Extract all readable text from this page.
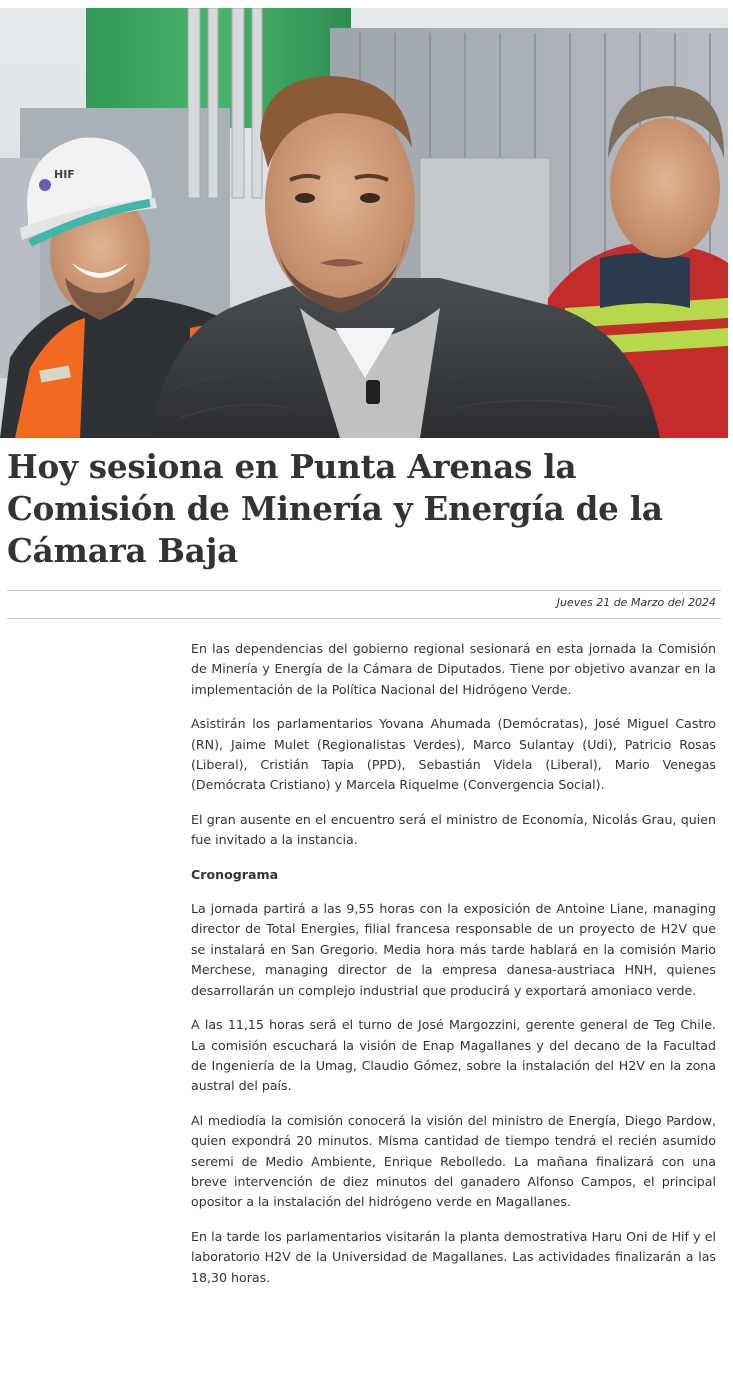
HIF
Hoy sesiona en Punta Arenas la Comisión de Minería y Energía de la Cámara Baja
Jueves 21 de Marzo del 2024

En las dependencias del gobierno regional sesionará en esta jornada la Comisión de Minería y Energía de la Cámara de Diputados. Tiene por objetivo avanzar en la implementación de la Política Nacional del Hidrógeno Verde.

Asistirán los parlamentarios Yovana Ahumada (Demócratas), José Miguel Castro (RN), Jaime Mulet (Regionalistas Verdes), Marco Sulantay (Udi), Patricio Rosas (Liberal), Cristián Tapia (PPD), Sebastián Videla (Liberal), Mario Venegas (Demócrata Cristiano) y Marcela Riquelme (Convergencia Social).

El gran ausente en el encuentro será el ministro de Economía, Nicolás Grau, quien fue invitado a la instancia.

Cronograma

La jornada partirá a las 9,55 horas con la exposición de Antoine Liane, managing director de Total Energies, filial francesa responsable de un proyecto de H2V que se instalará en San Gregorio. Media hora más tarde hablará en la comisión Mario Merchese, managing director de la empresa danesa-austriaca HNH, quienes desarrollarán un complejo industrial que producirá y exportará amoniaco verde.

A las 11,15 horas será el turno de José Margozzini, gerente general de Teg Chile. La comisión escuchará la visión de Enap Magallanes y del decano de la Facultad de Ingeniería de la Umag, Claudio Gómez, sobre la instalación del H2V en la zona austral del país.

Al mediodía la comisión conocerá la visión del ministro de Energía, Diego Pardow, quien expondrá 20 minutos. Misma cantidad de tiempo tendrá el recién asumido seremi de Medio Ambiente, Enrique Rebolledo. La mañana finalizará con una breve intervención de diez minutos del ganadero Alfonso Campos, el principal opositor a la instalación del hidrógeno verde en Magallanes.

En la tarde los parlamentarios visitarán la planta demostrativa Haru Oni de Hif y el laboratorio H2V de la Universidad de Magallanes. Las actividades finalizarán a las 18,30 horas.
